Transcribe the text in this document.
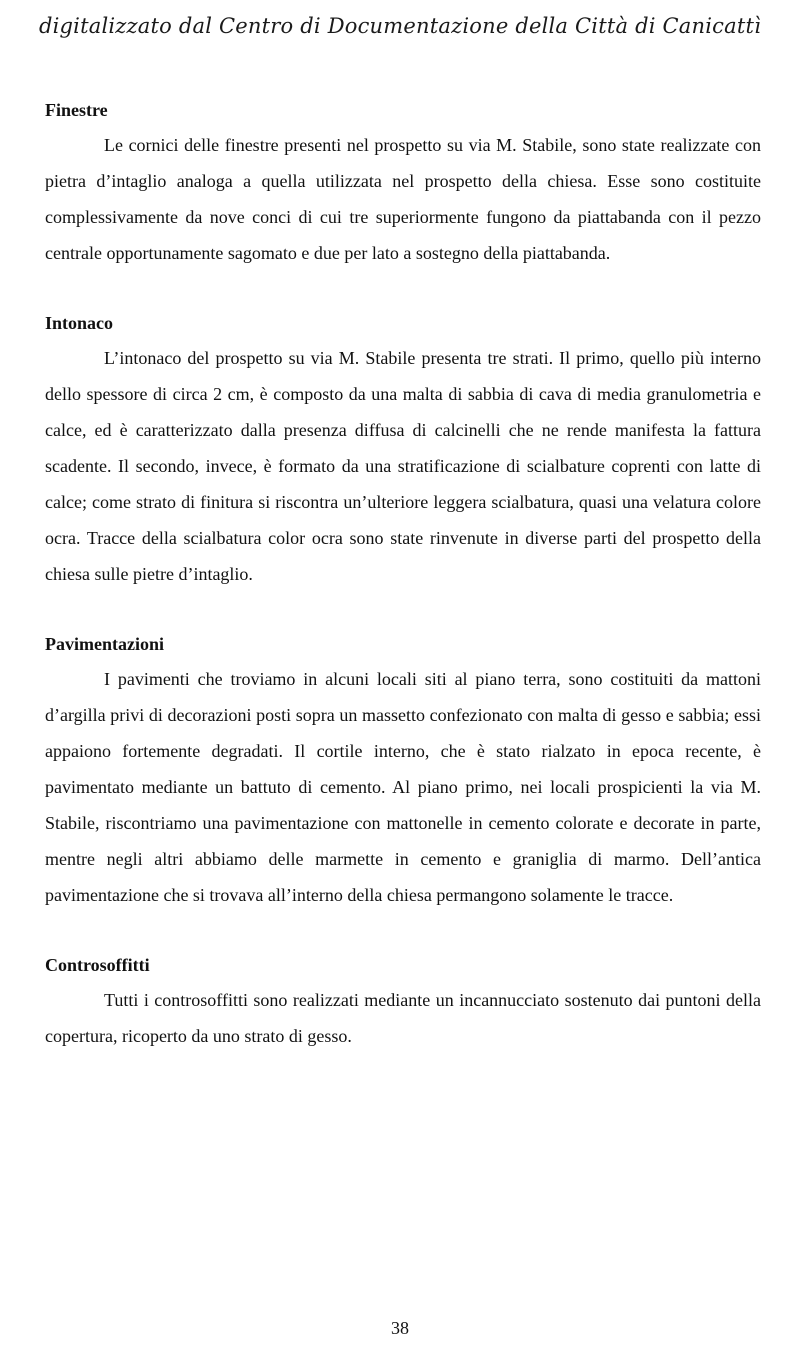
digitalizzato dal Centro di Documentazione della Città di Canicattì

Finestre

Le cornici delle finestre presenti nel prospetto su via M. Stabile, sono state realizzate con pietra d’intaglio analoga a quella utilizzata nel prospetto della chiesa. Esse sono costituite complessivamente da nove conci di cui tre superiormente fungono da piattabanda con il pezzo centrale opportunamente sagomato e due per lato a sostegno della piattabanda.

Intonaco

L’intonaco del prospetto su via M. Stabile presenta tre strati. Il primo, quello più interno dello spessore di circa 2 cm, è composto da una malta di sabbia di cava di media granulometria e calce, ed è caratterizzato dalla presenza diffusa di calcinelli che ne rende manifesta la fattura scadente. Il secondo, invece, è formato da una stratificazione di scialbature coprenti con latte di calce; come strato di finitura si riscontra un’ulteriore leggera scialbatura, quasi una velatura colore ocra. Tracce della scialbatura color ocra sono state rinvenute in diverse parti del prospetto della chiesa sulle pietre d’intaglio.

Pavimentazioni

I pavimenti che troviamo in alcuni locali siti al piano terra, sono costituiti da mattoni d’argilla privi di decorazioni posti sopra un massetto confezionato con malta di gesso e sabbia; essi appaiono fortemente degradati. Il cortile interno, che è stato rialzato in epoca recente, è pavimentato mediante un battuto di cemento. Al piano primo, nei locali prospicienti la via M. Stabile, riscontriamo una pavimentazione con mattonelle in cemento colorate e decorate in parte, mentre negli altri abbiamo delle marmette in cemento e graniglia di marmo. Dell’antica pavimentazione che si trovava all’interno della chiesa permangono solamente le tracce.

Controsoffitti

Tutti i controsoffitti sono realizzati mediante un incannucciato sostenuto dai puntoni della copertura, ricoperto da uno strato di gesso.

38
